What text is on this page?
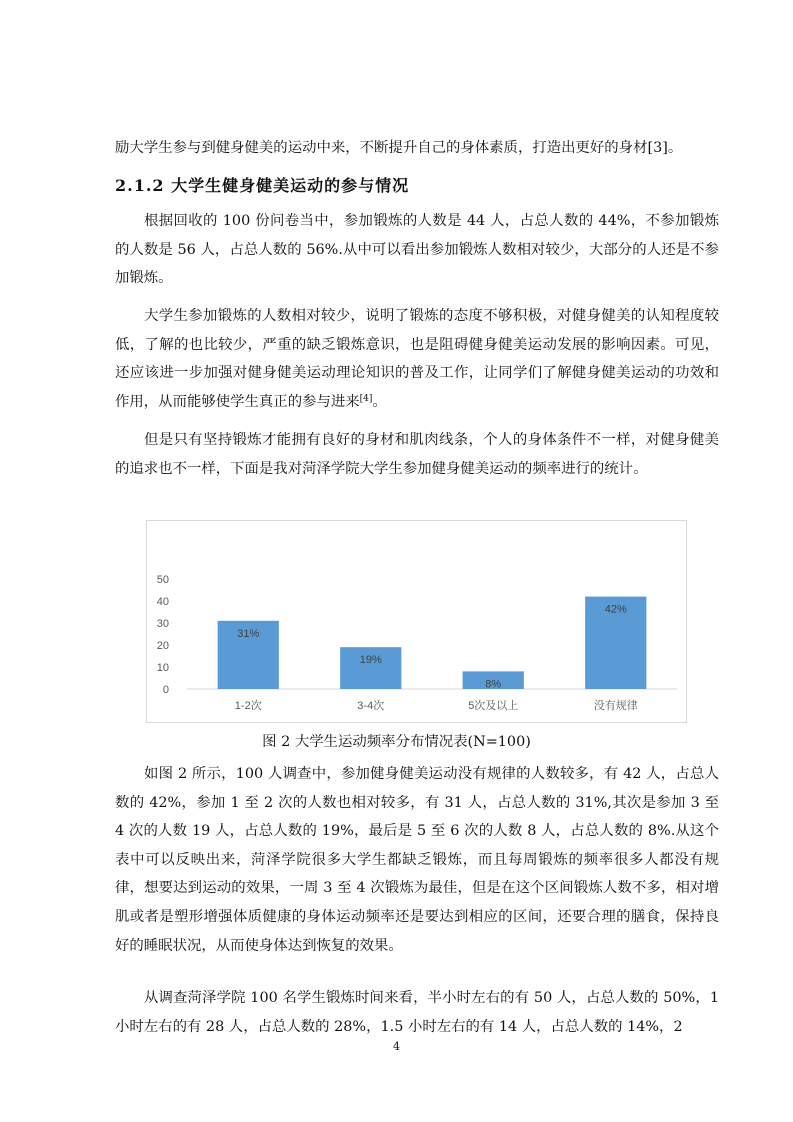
励大学生参与到健身健美的运动中来，不断提升自己的身体素质，打造出更好的身材[3]。

2.1.2 大学生健身健美运动的参与情况

根据回收的 100 份问卷当中，参加锻炼的人数是 44 人，占总人数的 44%，不参加锻炼的人数是 56 人，占总人数的 56%.从中可以看出参加锻炼人数相对较少，大部分的人还是不参加锻炼。

大学生参加锻炼的人数相对较少，说明了锻炼的态度不够积极，对健身健美的认知程度较低，了解的也比较少，严重的缺乏锻炼意识，也是阻碍健身健美运动发展的影响因素。可见，还应该进一步加强对健身健美运动理论知识的普及工作，让同学们了解健身健美运动的功效和作用，从而能够使学生真正的参与进来[4]。

但是只有坚持锻炼才能拥有良好的身材和肌肉线条，个人的身体条件不一样，对健身健美的追求也不一样，下面是我对菏泽学院大学生参加健身健美运动的频率进行的统计。

0
10
20
30
40
50
31%
1-2次
19%
3-4次
8%
5次及以上
42%
没有规律
图 2 大学生运动频率分布情况表(N=100)

如图 2 所示，100 人调查中，参加健身健美运动没有规律的人数较多，有 42 人，占总人数的 42%，参加 1 至 2 次的人数也相对较多，有 31 人，占总人数的 31%,其次是参加 3 至 4 次的人数 19 人，占总人数的 19%，最后是 5 至 6 次的人数 8 人，占总人数的 8%.从这个表中可以反映出来，菏泽学院很多大学生都缺乏锻炼，而且每周锻炼的频率很多人都没有规律，想要达到运动的效果，一周 3 至 4 次锻炼为最佳，但是在这个区间锻炼人数不多，相对增肌或者是塑形增强体质健康的身体运动频率还是要达到相应的区间，还要合理的膳食，保持良好的睡眠状况，从而使身体达到恢复的效果。

从调查菏泽学院 100 名学生锻炼时间来看，半小时左右的有 50 人，占总人数的 50%，1 小时左右的有 28 人，占总人数的 28%，1.5 小时左右的有 14 人，占总人数的 14%，2

4
